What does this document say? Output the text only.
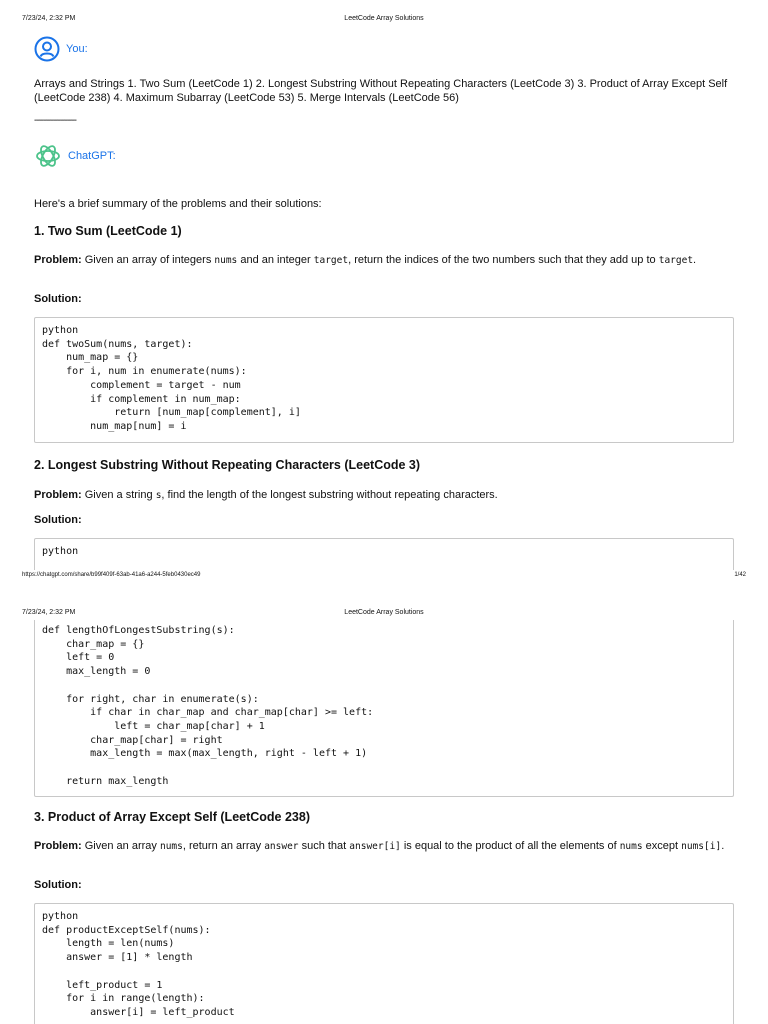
7/23/24, 2:32 PM	LeetCode Array Solutions
You:
Arrays and Strings 1. Two Sum (LeetCode 1) 2. Longest Substring Without Repeating Characters (LeetCode 3) 3. Product of Array Except Self (LeetCode 238) 4. Maximum Subarray (LeetCode 53) 5. Merge Intervals (LeetCode 56)
------------------
ChatGPT:
Here's a brief summary of the problems and their solutions:
1. Two Sum (LeetCode 1)
Problem: Given an array of integers nums and an integer target, return the indices of the two numbers such that they add up to target.
Solution:
python
def twoSum(nums, target):
num_map = {}
for i, num in enumerate(nums):
complement = target - num
if complement in num_map:
return [num_map[complement], i]
num_map[num] = i
2. Longest Substring Without Repeating Characters (LeetCode 3)
Problem: Given a string s, find the length of the longest substring without repeating characters.
Solution:
python
https://chatgpt.com/share/b99f409f-63ab-41a6-a244-5feb0430ec49	1/42
7/23/24, 2:32 PM	LeetCode Array Solutions
def lengthOfLongestSubstring(s):
char_map = {}
left = 0
max_length = 0

for right, char in enumerate(s):
if char in char_map and char_map[char] >= left:
left = char_map[char] + 1
char_map[char] = right
max_length = max(max_length, right - left + 1)

return max_length
3. Product of Array Except Self (LeetCode 238)
Problem: Given an array nums, return an array answer such that answer[i] is equal to the product of all the elements of nums except nums[i].
Solution:
python
def productExceptSelf(nums):
length = len(nums)
answer = [1] * length

left_product = 1
for i in range(length):
answer[i] = left_product
